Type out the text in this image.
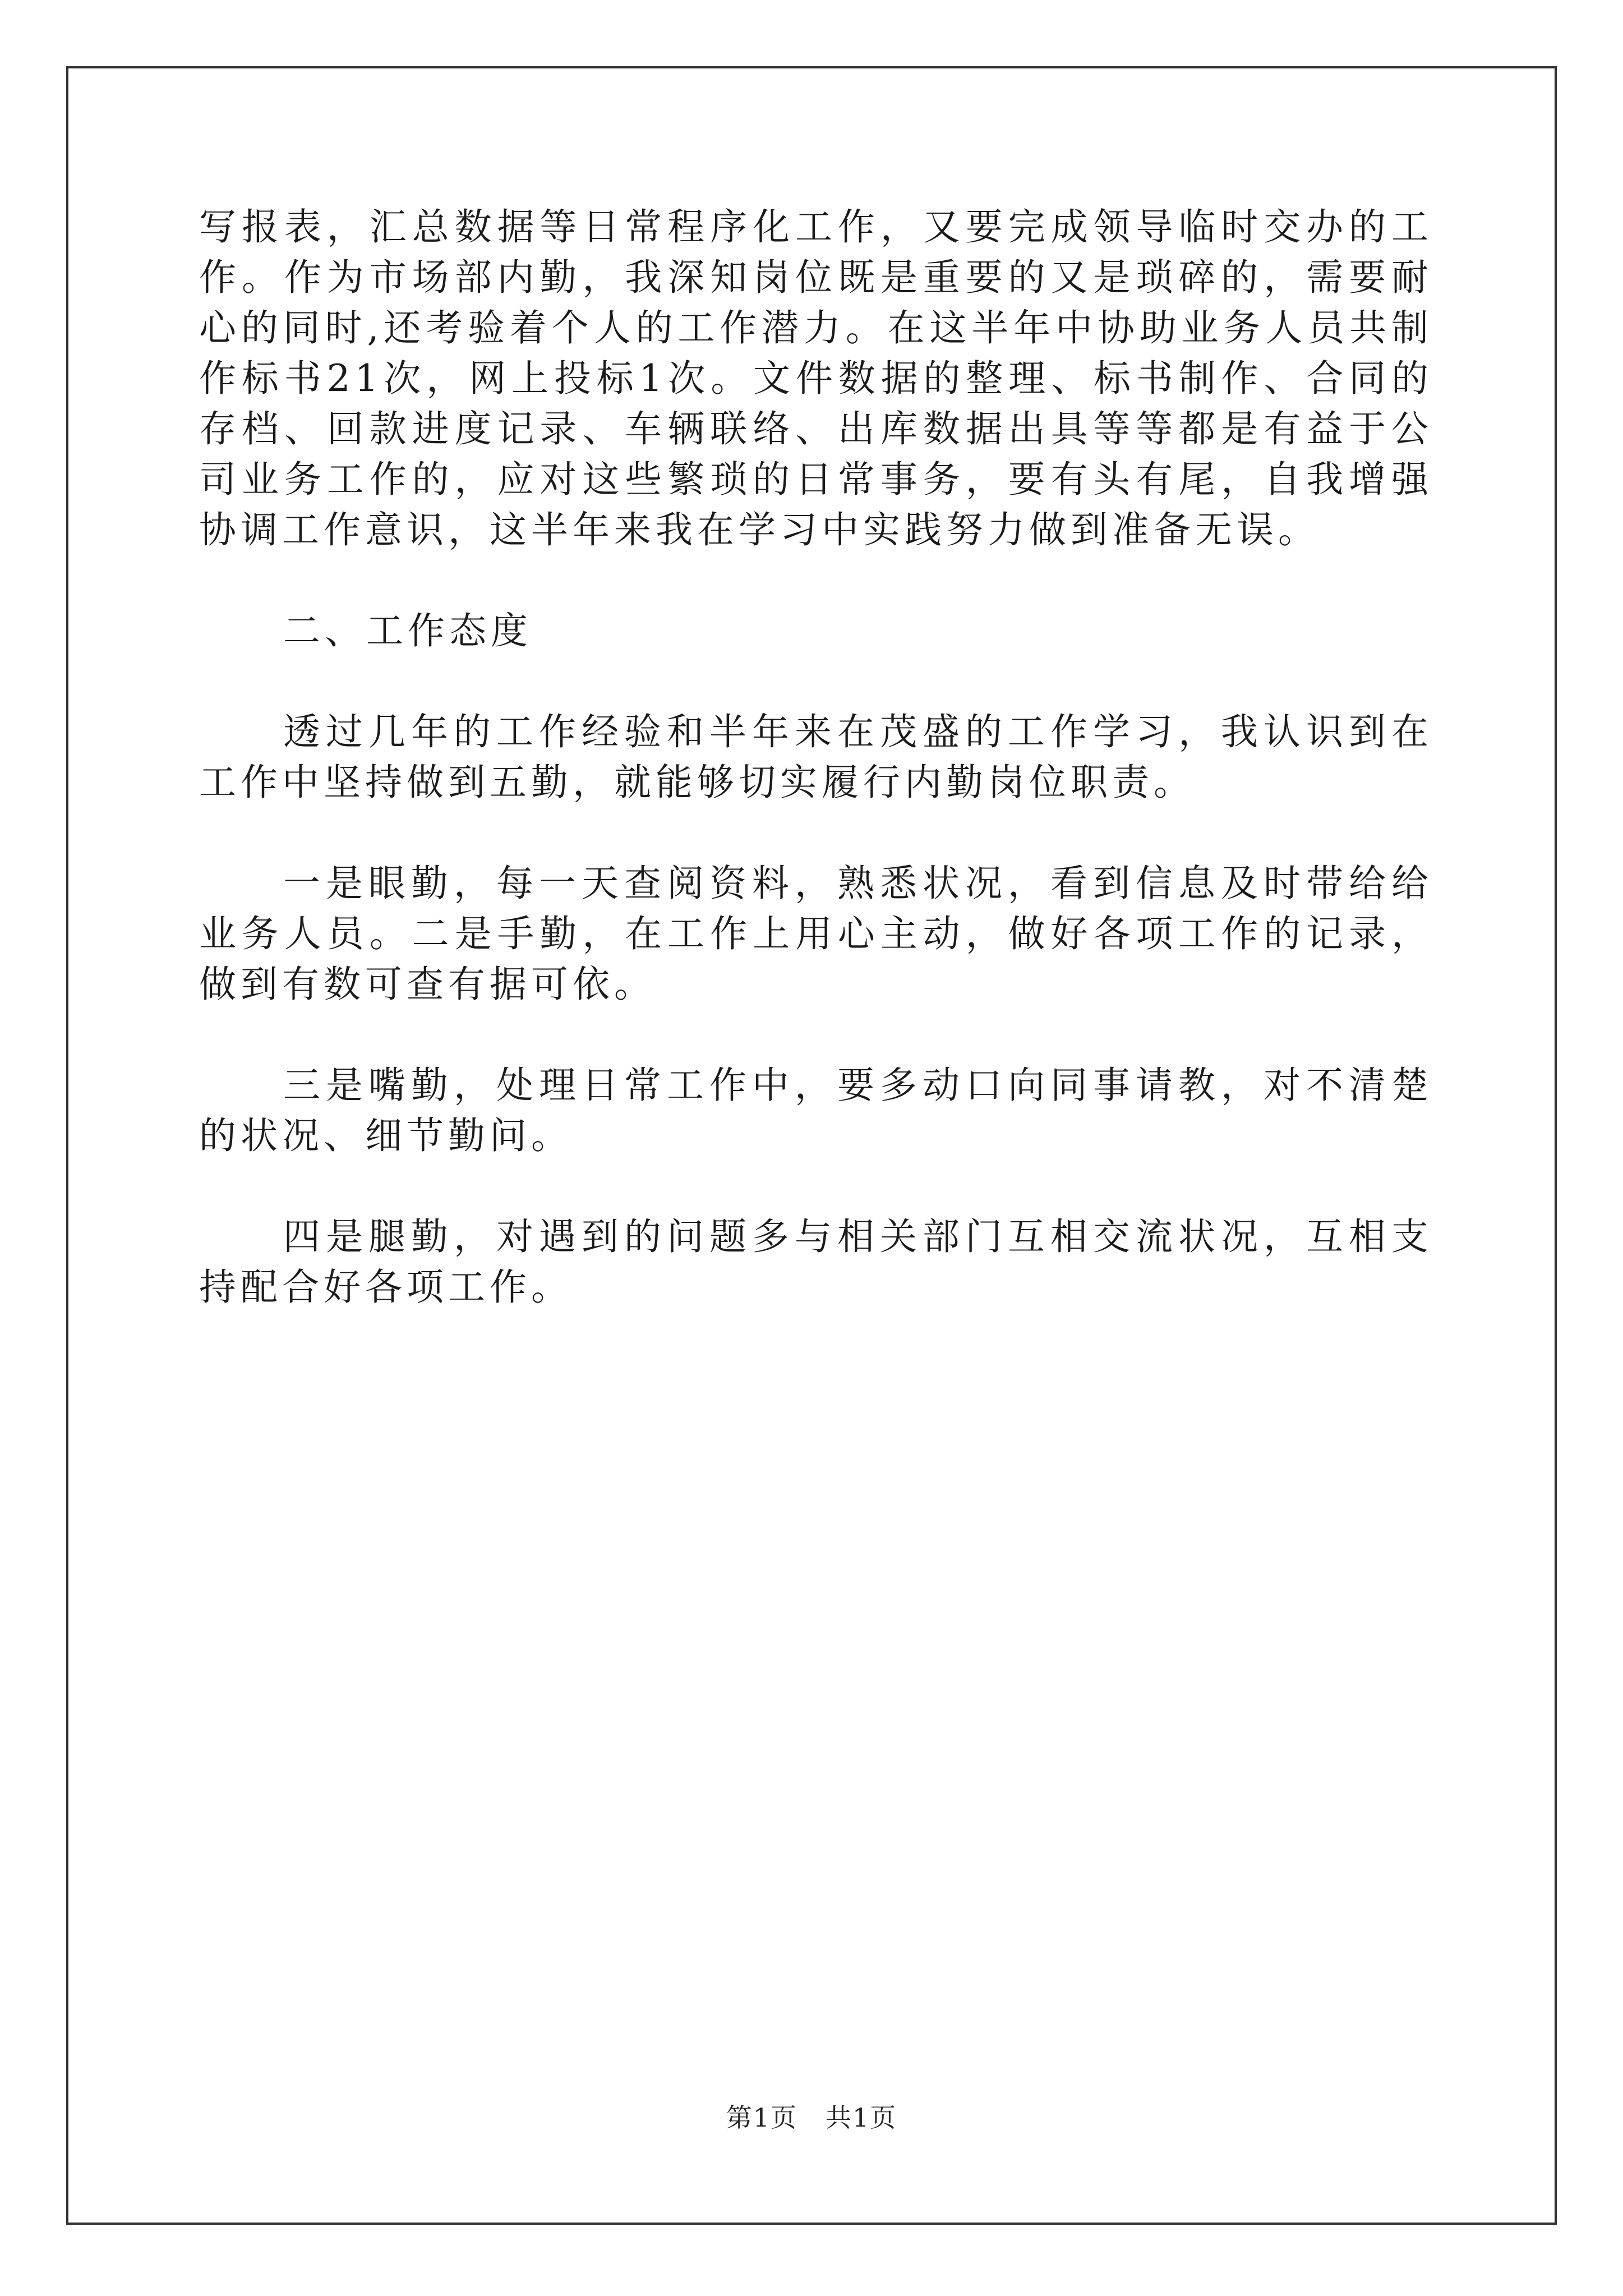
写报表，汇总数据等日常程序化工作，又要完成领导临时交办的工作。作为市场部内勤，我深知岗位既是重要的又是琐碎的，需要耐心的同时,还考验着个人的工作潜力。在这半年中协助业务人员共制作标书21次，网上投标1次。文件数据的整理、标书制作、合同的存档、回款进度记录、车辆联络、出库数据出具等等都是有益于公司业务工作的，应对这些繁琐的日常事务，要有头有尾，自我增强协调工作意识，这半年来我在学习中实践努力做到准备无误。

二、工作态度

透过几年的工作经验和半年来在茂盛的工作学习，我认识到在工作中坚持做到五勤，就能够切实履行内勤岗位职责。

一是眼勤，每一天查阅资料，熟悉状况，看到信息及时带给给业务人员。二是手勤，在工作上用心主动，做好各项工作的记录，做到有数可查有据可依。

三是嘴勤，处理日常工作中，要多动口向同事请教，对不清楚的状况、细节勤问。

四是腿勤，对遇到的问题多与相关部门互相交流状况，互相支持配合好各项工作。

第1页 共1页
